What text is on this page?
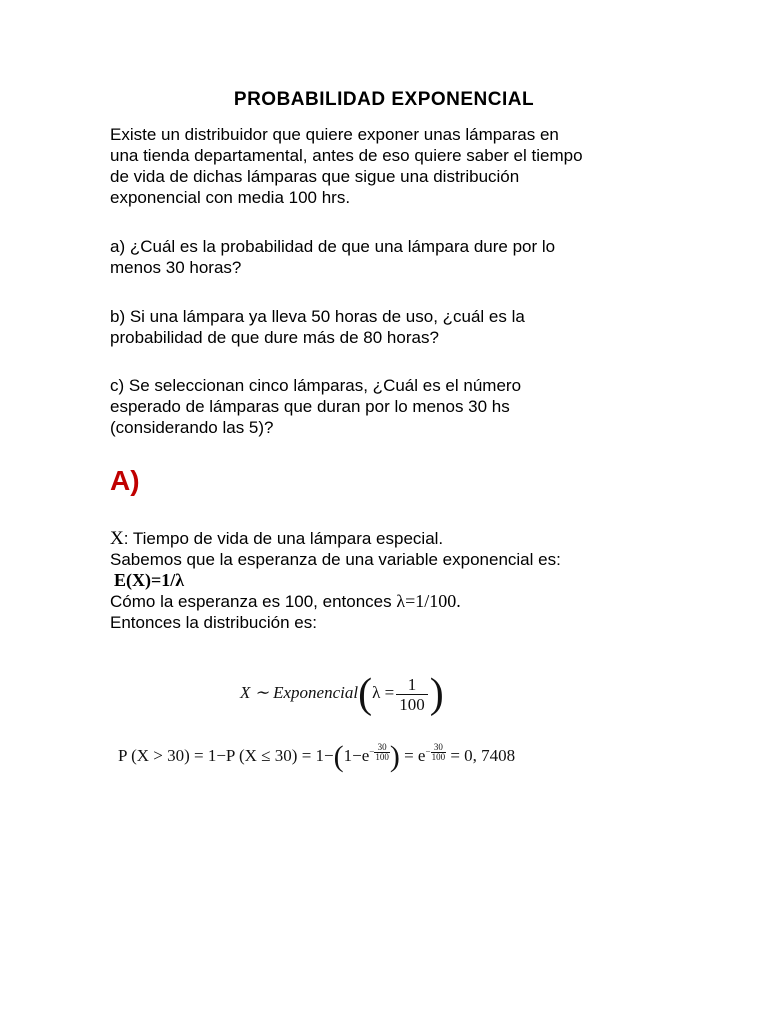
PROBABILIDAD EXPONENCIAL
Existe un distribuidor que quiere exponer unas lámparas en
una tienda departamental, antes de eso quiere saber el tiempo
de vida de dichas lámparas que sigue una distribución
exponencial con media 100 hrs.
a) ¿Cuál es la probabilidad de que una lámpara dure por lo
menos 30 horas?
b) Si una lámpara ya lleva 50 horas de uso, ¿cuál es la
probabilidad de que dure más de 80 horas?
c) Se seleccionan cinco lámparas, ¿Cuál es el número
esperado de lámparas que duran por lo menos 30 hs
(considerando las 5)?
A)
X: Tiempo de vida de una lámpara especial.
Sabemos que la esperanza de una variable exponencial es:
E(X)=1/λ
Cómo la esperanza es 100, entonces λ=1/100.
Entonces la distribución es:
X ∼ Exponencial(λ = $\frac{1}{100}$ )
P (X > 30) = 1−P $(X \le 30) = 1-(1-e- \frac{30}{100}$ ) = $e- \frac{30}{100} = 0$, 7408
